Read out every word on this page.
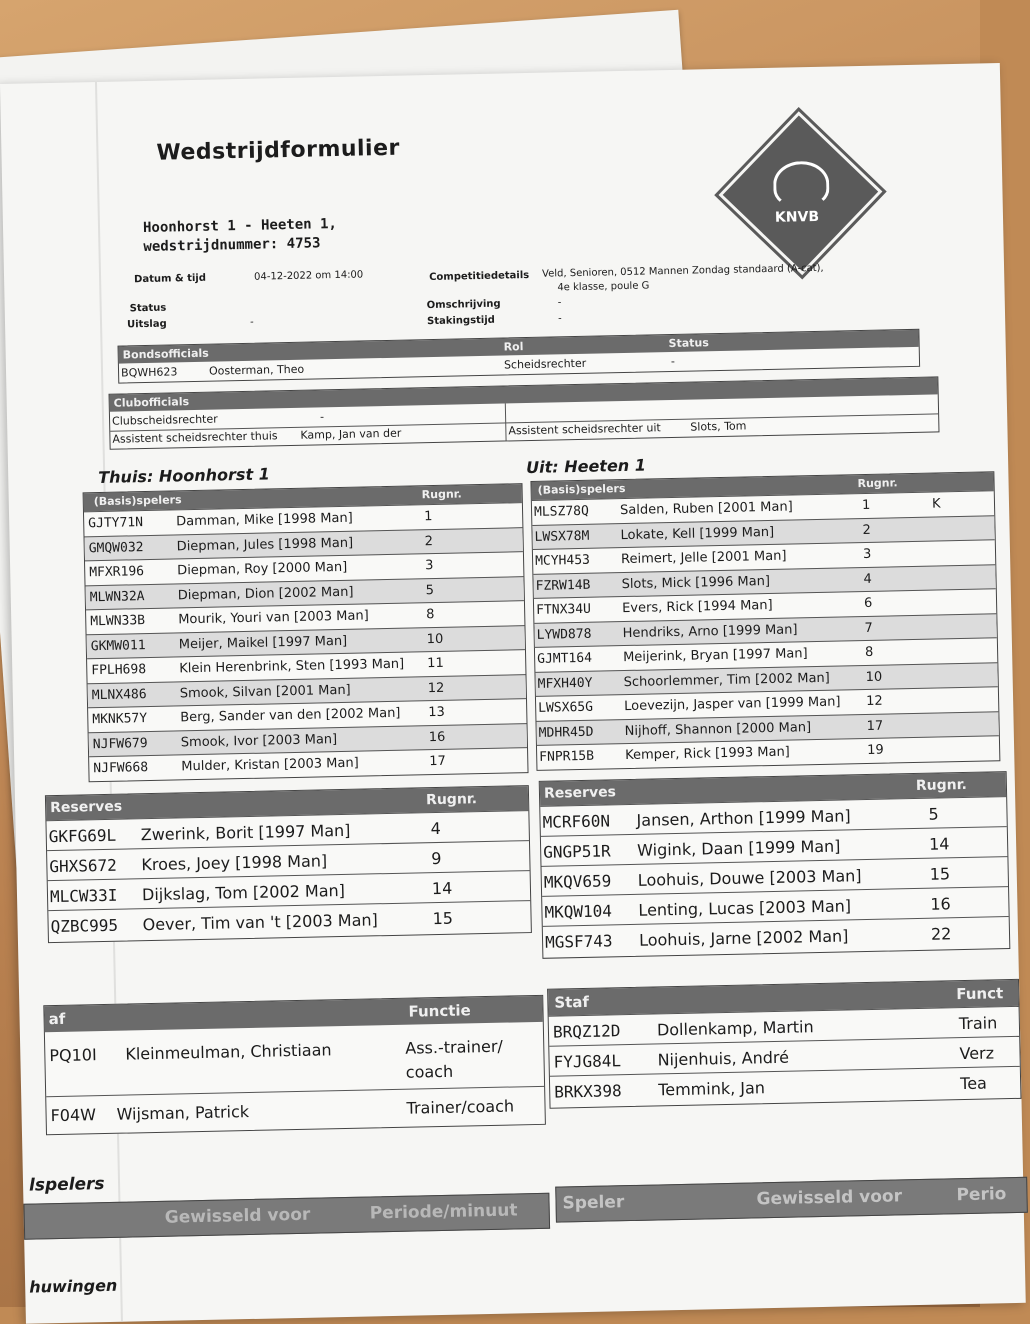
Wedstrijdformulier
KNVB
Hoonhorst 1 - Heeten 1,
wedstrijdnummer: 4753
Datum & tijd	04-12-2022 om 14:00
Status
Uitslag	-
Competitiedetails Veld, Senioren, 0512 Mannen Zondag standaard (A-cat),
4e klasse, poule G
Omschrijving	-
Stakingstijd	-
Bondsofficials	Rol	Status
BQWH623	Oosterman, Theo	Scheidsrechter	-
Clubofficials
Clubscheidsrechter	-
Assistent scheidsrechter thuis Kamp, Jan van der	Assistent scheidsrechter uit	Slots, Tom
Thuis: Hoonhorst 1	Uit: Heeten 1
(Basis)spelers	Rugnr.
GJTY71N	Damman, Mike [1998 Man]	1
GMQW032	Diepman, Jules [1998 Man]	2
MFXR196	Diepman, Roy [2000 Man]	3
MLWN32A	Diepman, Dion [2002 Man]	5
MLWN33B	Mourik, Youri van [2003 Man]	8
GKMW011	Meijer, Maikel [1997 Man]	10
FPLH698	Klein Herenbrink, Sten [1993 Man] 11
MLNX486	Smook, Silvan [2001 Man]	12
MKNK57Y	Berg, Sander van den [2002 Man] 13
NJFW679	Smook, Ivor [2003 Man]	16
NJFW668	Mulder, Kristan [2003 Man]	17
(Basis)spelers	Rugnr.
MLSZ78Q Salden, Ruben [2001 Man]	1	K
LWSX78M Lokate, Kell [1999 Man]	2
MCYH453 Reimert, Jelle [2001 Man]	3
FZRW14B Slots, Mick [1996 Man]	4
FTNX34U Evers, Rick [1994 Man]	6
LYWD878 Hendriks, Arno [1999 Man]	7
GJMT164 Meijerink, Bryan [1997 Man]	8
MFXH40Y Schoorlemmer, Tim [2002 Man]	10
LWSX65G Loevezijn, Jasper van [1999 Man] 12
MDHR45D Nijhoff, Shannon [2000 Man]	17
FNPR15B Kemper, Rick [1993 Man]	19
Reserves	Rugnr.
GKFG69L Zwerink, Borit [1997 Man]	4
GHXS672 Kroes, Joey [1998 Man]	9
MLCW33I Dijkslag, Tom [2002 Man]	14
QZBC995 Oever, Tim van 't [2003 Man]	15
Reserves	Rugnr.
MCRF60N Jansen, Arthon [1999 Man]	5
GNGP51R Wigink, Daan [1999 Man]	14
MKQV659 Loohuis, Douwe [2003 Man]	15
MKQW104 Lenting, Lucas [2003 Man]	16
MGSF743 Loohuis, Jarne [2002 Man]	22
af	Functie
PQ10I Kleinmeulman, Christiaan	Ass.-trainer/
coach
F04W Wijsman, Patrick	Trainer/coach
Staf	Funct
BRQZ12D Dollenkamp, Martin	Train
FYJG84L Nijenhuis, André	Verz
BRKX398 Temmink, Jan	Tea
lspelers
Gewisseld voor	Periode/minuut	Speler	Gewisseld voor	Perio
huwingen
